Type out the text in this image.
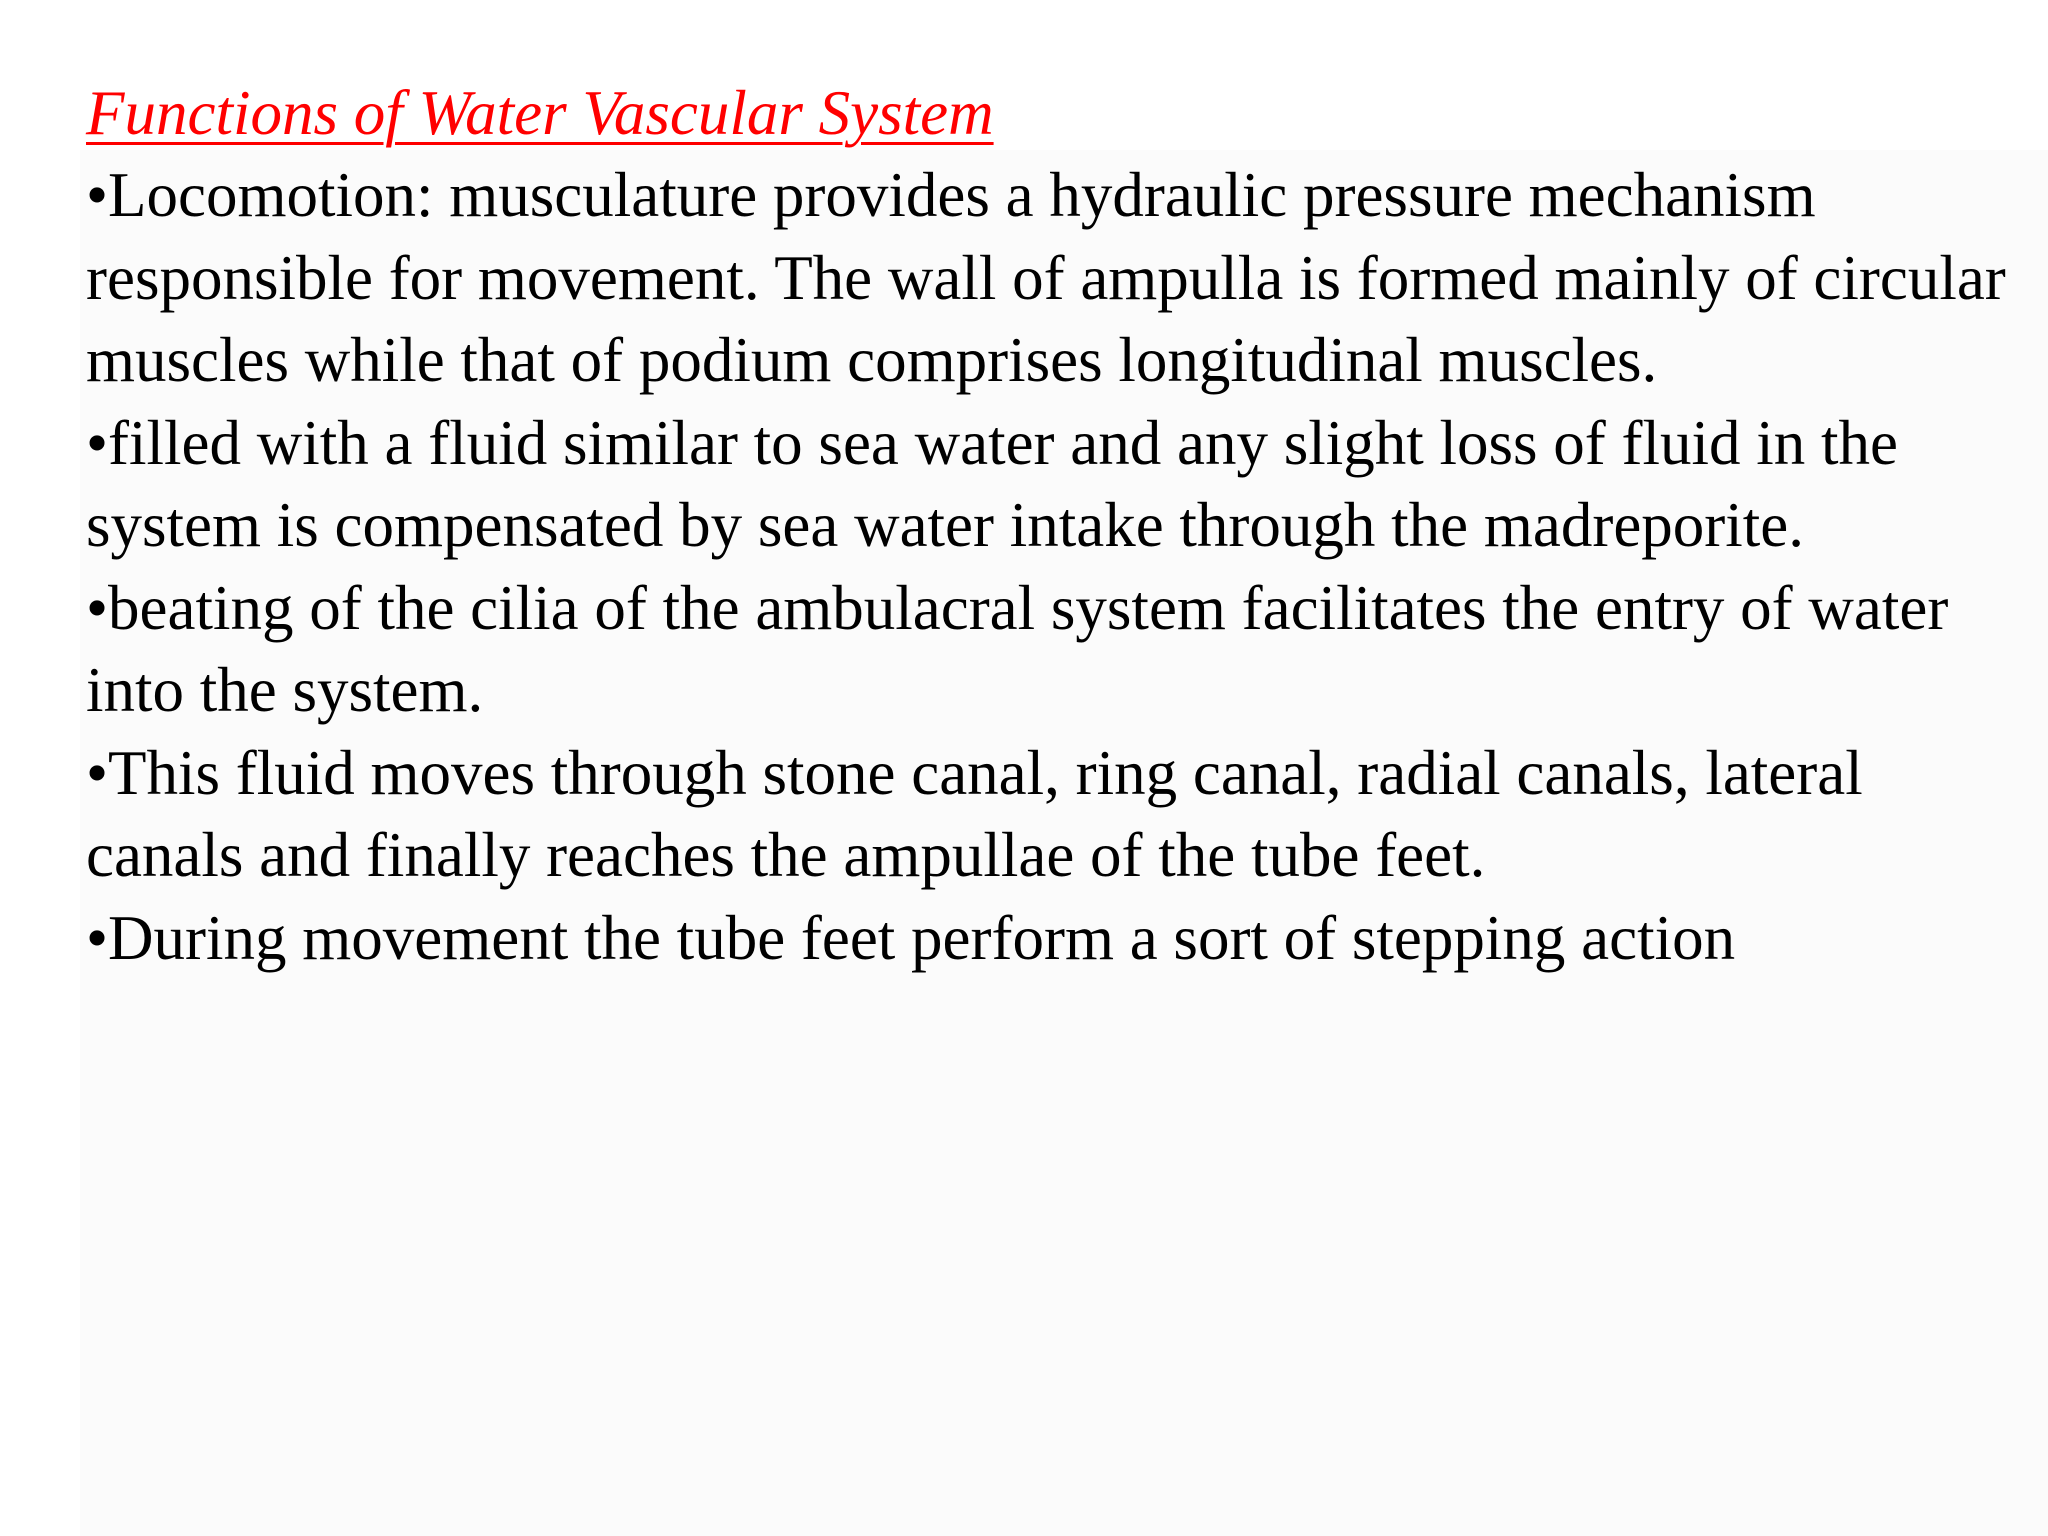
Functions of Water Vascular System
•Locomotion: musculature provides a hydraulic pressure mechanism responsible for movement. The wall of ampulla is formed mainly of circular muscles while that of podium comprises longitudinal muscles.
•filled with a fluid similar to sea water and any slight loss of fluid in the system is compensated by sea water intake through the madreporite.
•beating of the cilia of the ambulacral system facilitates the entry of water into the system.
•This fluid moves through stone canal, ring canal, radial canals, lateral canals and finally reaches the ampullae of the tube feet.
•During movement the tube feet perform a sort of stepping action
